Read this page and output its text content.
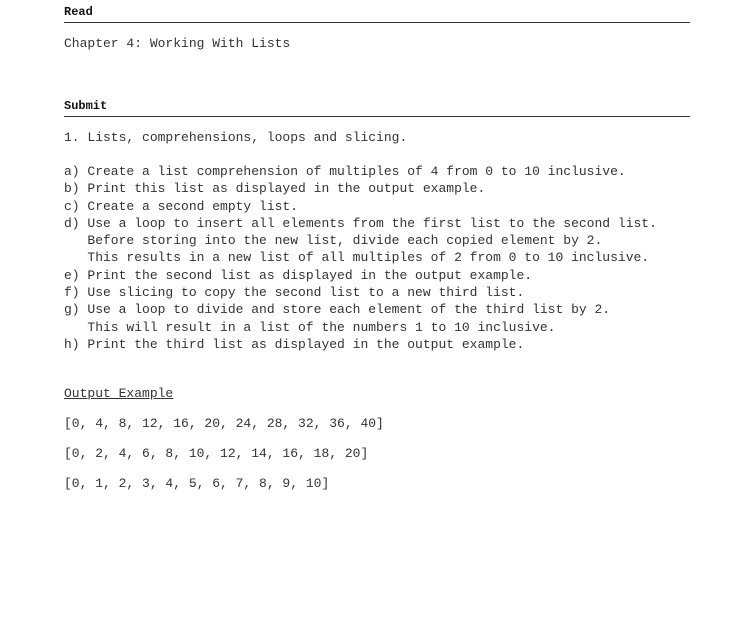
Read
Chapter 4: Working With Lists
Submit
1. Lists, comprehensions, loops and slicing.
a) Create a list comprehension of multiples of 4 from 0 to 10 inclusive.
b) Print this list as displayed in the output example.
c) Create a second empty list.
d) Use a loop to insert all elements from the first list to the second list.
Before storing into the new list, divide each copied element by 2.
This results in a new list of all multiples of 2 from 0 to 10 inclusive.
e) Print the second list as displayed in the output example.
f) Use slicing to copy the second list to a new third list.
g) Use a loop to divide and store each element of the third list by 2.
This will result in a list of the numbers 1 to 10 inclusive.
h) Print the third list as displayed in the output example.
Output Example
[0, 4, 8, 12, 16, 20, 24, 28, 32, 36, 40]
[0, 2, 4, 6, 8, 10, 12, 14, 16, 18, 20]
[0, 1, 2, 3, 4, 5, 6, 7, 8, 9, 10]
